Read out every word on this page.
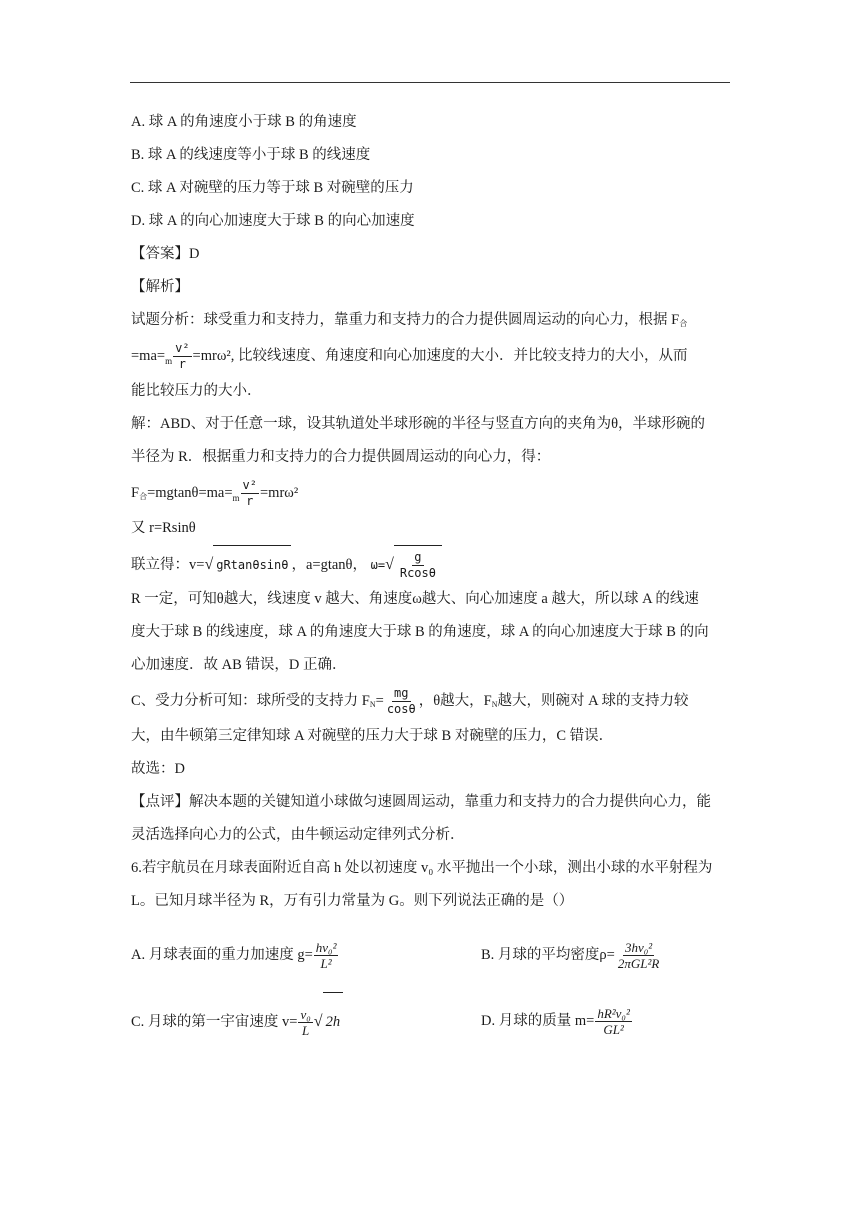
A. 球 A 的角速度小于球 B 的角速度
B. 球 A 的线速度等小于球 B 的线速度
C. 球 A 对碗壁的压力等于球 B 对碗壁的压力
D. 球 A 的向心加速度大于球 B 的向心加速度
【答案】D
【解析】
试题分析：球受重力和支持力，靠重力和支持力的合力提供圆周运动的向心力，根据 $F_合$
$=ma=_m \frac{\text{v²}}{r} =mr\omega^2$, 比较线速度、角速度和向心加速度的大小．并比较支持力的大小，从而
能比较压力的大小．
解：ABD、对于任意一球，设其轨道处半球形碗的半径与竖直方向的夹角为θ，半球形碗的
半径为 R．根据重力和支持力的合力提供圆周运动的向心力，得：
$F_合=mgtan\theta=ma=_m \frac{\text{v²}}{r} =mr\omega^2$
又 r=Rsinθ
联立得：v=√ gRtanθsinθ ，a=gtanθ， $\omega=√ \frac{g}{Rcos\theta}$
R 一定，可知θ越大，线速度 v 越大、角速度ω越大、向心加速度 a 越大，所以球 A 的线速
度大于球 B 的线速度，球 A 的角速度大于球 B 的角速度，球 A 的向心加速度大于球 B 的向
心加速度．故 AB 错误，D 正确．
C、受力分析可知：球所受的支持力 $F_N= \frac{mg}{\cos\theta}$ ，θ越大，$F_N$越大，则碗对 A 球的支持力较
大，由牛顿第三定律知球 A 对碗壁的压力大于球 B 对碗壁的压力，C 错误．
故选：D
【点评】解决本题的关键知道小球做匀速圆周运动，靠重力和支持力的合力提供向心力，能
灵活选择向心力的公式，由牛顿运动定律列式分析．
6.若宇航员在月球表面附近自高 h 处以初速度 v₀ 水平抛出一个小球，测出小球的水平射程为
L。已知月球半径为 R，万有引力常量为 G。则下列说法正确的是（）
A. 月球表面的重力加速度 $g= \frac{\text{hv₀²}}{\text{L²}}$	B. 月球的平均密度$\rho= \frac{\text{3hv₀²}}{\text{2πGL²R}}$
C. 月球的第一宇宙速度 $v= \frac{\text{v₀}}{L}$ √ 2h	D. 月球的质量 $m= \frac{\text{hR²v₀²}}{\text{GL²}}$
